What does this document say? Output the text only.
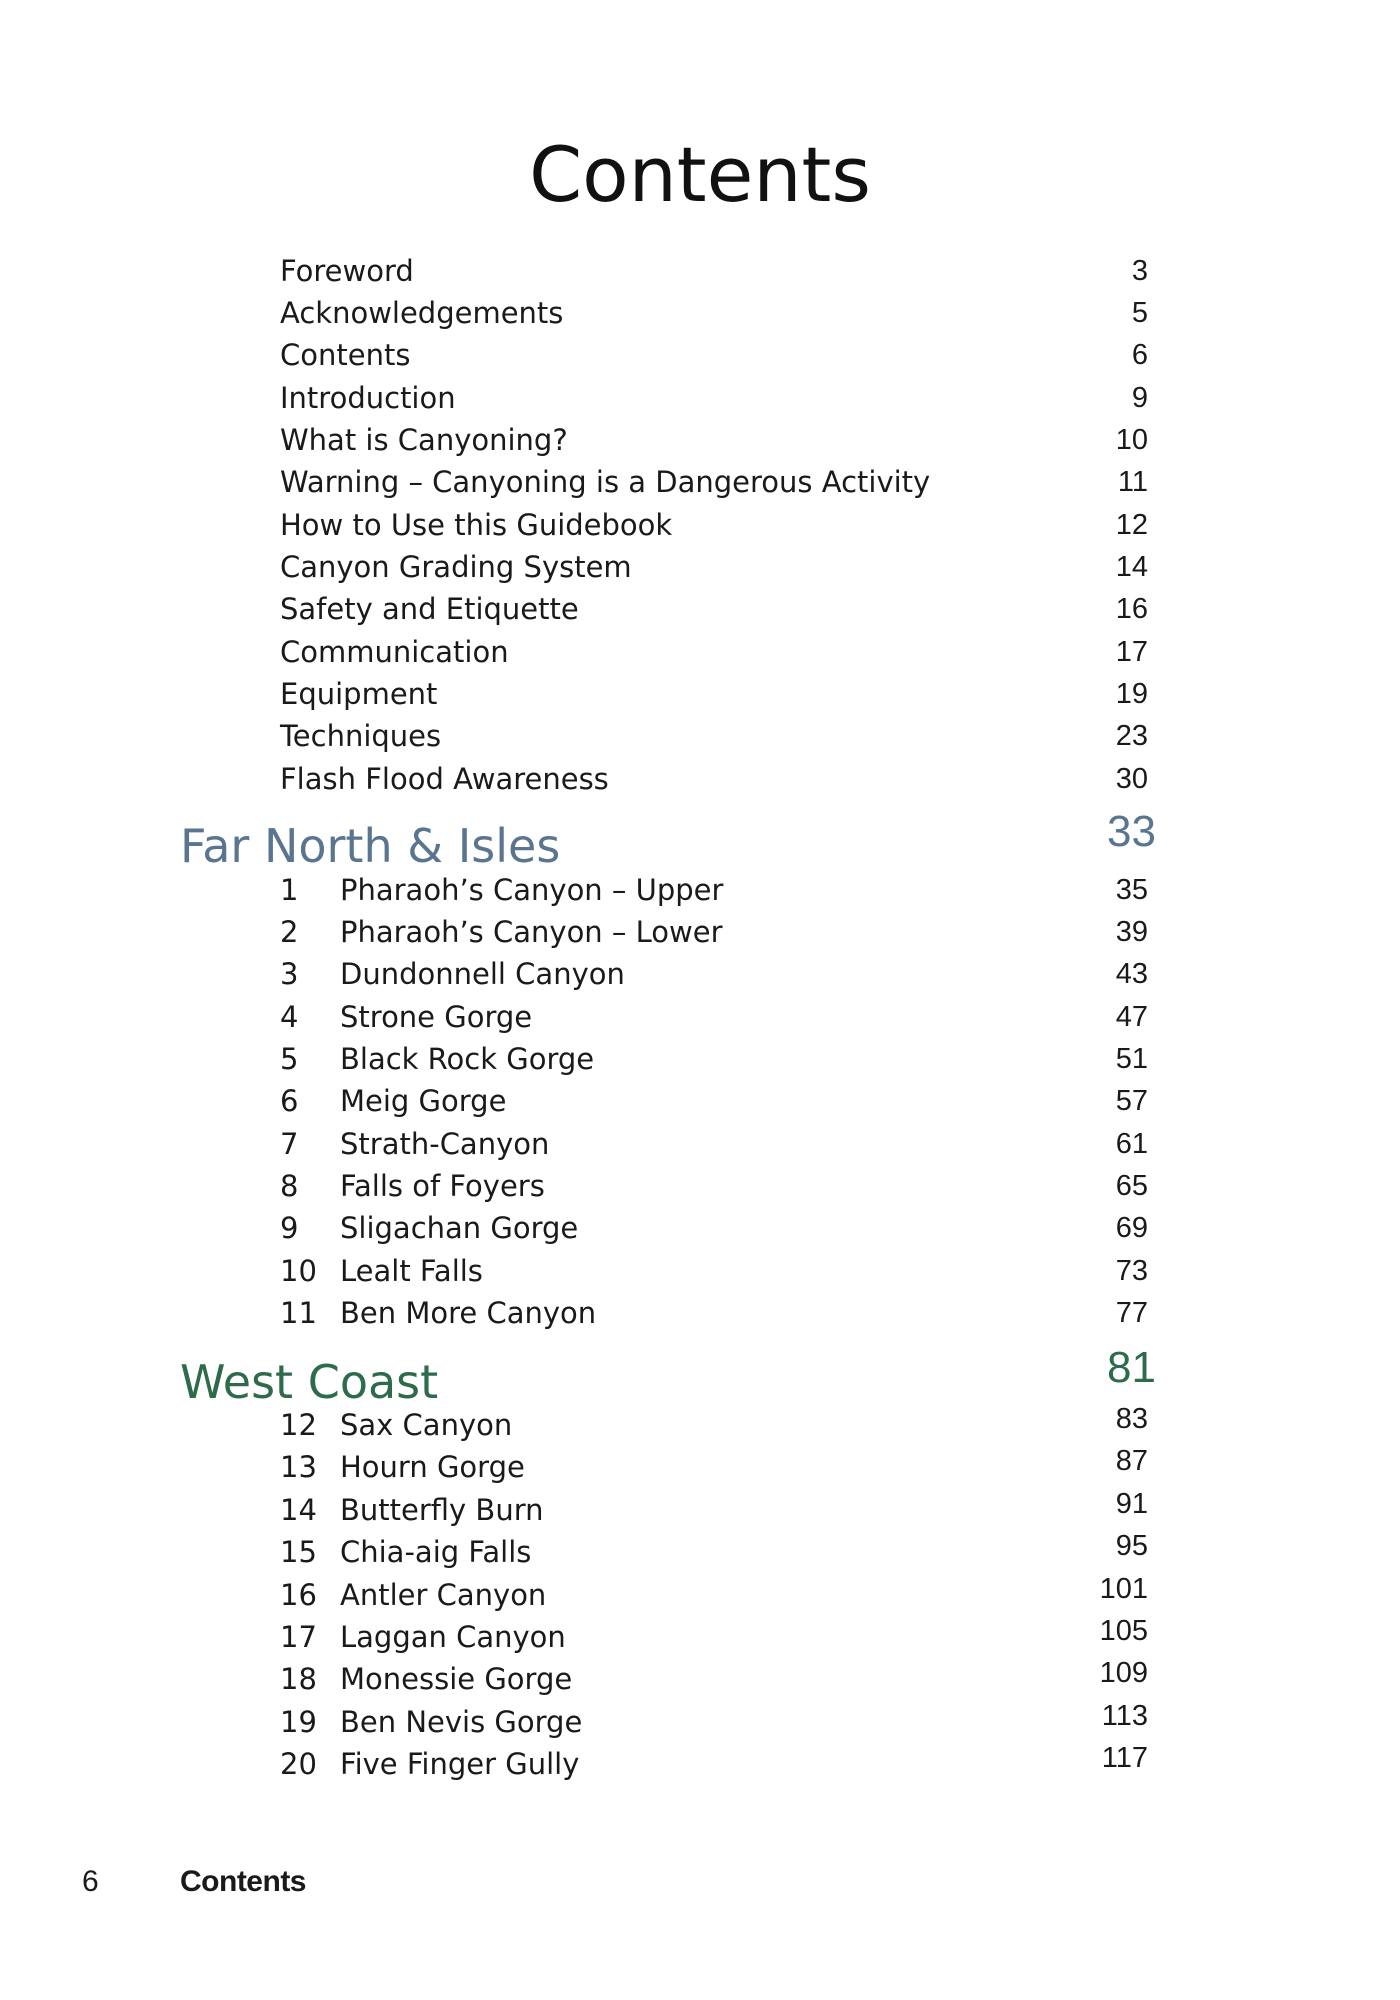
Contents
Foreword	3
Acknowledgements	5
Contents	6
Introduction	9
What is Canyoning?	10
Warning – Canyoning is a Dangerous Activity	11
How to Use this Guidebook	12
Canyon Grading System	14
Safety and Etiquette	16
Communication	17
Equipment	19
Techniques	23
Flash Flood Awareness	30
Far North & Isles	33
1 Pharaoh’s Canyon – Upper	35
2 Pharaoh’s Canyon – Lower	39
3 Dundonnell Canyon	43
4 Strone Gorge	47
5 Black Rock Gorge	51
6 Meig Gorge	57
7 Strath-Canyon	61
8 Falls of Foyers	65
9 Sligachan Gorge	69
10 Lealt Falls	73
11 Ben More Canyon	77
West Coast	81
12 Sax Canyon	83
13 Hourn Gorge	87
14 Butterfly Burn	91
15 Chia-aig Falls	95
16 Antler Canyon	101
17 Laggan Canyon	105
18 Monessie Gorge	109
19 Ben Nevis Gorge	113
20 Five Finger Gully	117
6	Contents
